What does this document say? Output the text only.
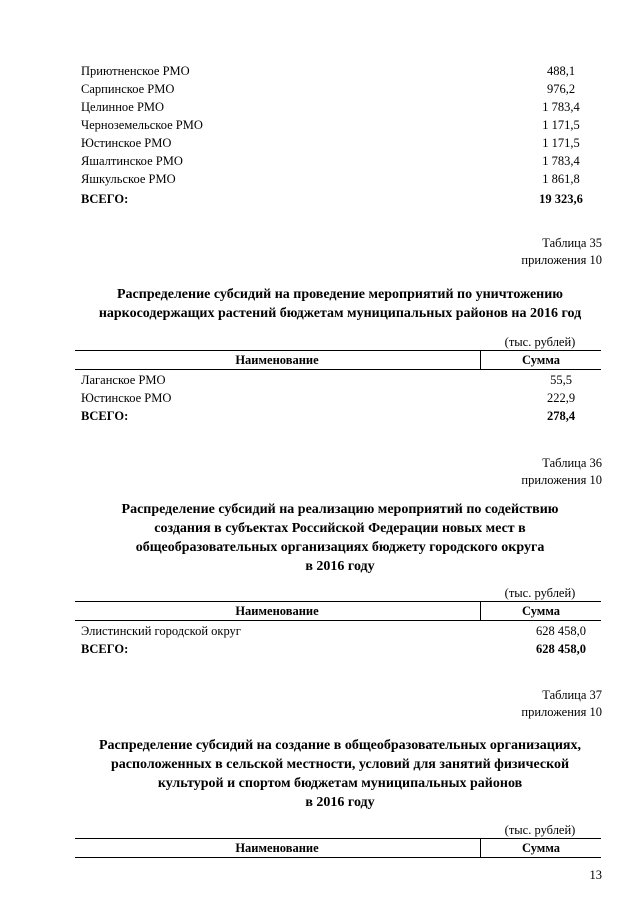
Приютненское РМО	488,1
Сарпинское РМО	976,2
Целинное РМО	1 783,4
Черноземельское РМО	1 171,5
Юстинское РМО	1 171,5
Яшалтинское РМО	1 783,4
Яшкульское РМО	1 861,8
ВСЕГО:	19 323,6
Таблица 35
приложения 10
Распределение субсидий на проведение мероприятий по уничтожению
наркосодержащих растений бюджетам муниципальных районов на 2016 год
(тыс. рублей)
Наименование	Сумма
Лаганское РМО	55,5
Юстинское РМО	222,9
ВСЕГО:	278,4
Таблица 36
приложения 10
Распределение субсидий на реализацию мероприятий по содействию
создания в субъектах Российской Федерации новых мест в
общеобразовательных организациях бюджету городского округа
в 2016 году
(тыс. рублей)
Наименование	Сумма
Элистинский городской округ	628 458,0
ВСЕГО:	628 458,0
Таблица 37
приложения 10
Распределение субсидий на создание в общеобразовательных организациях,
расположенных в сельской местности, условий для занятий физической
культурой и спортом бюджетам муниципальных районов
в 2016 году
(тыс. рублей)
Наименование	Сумма
13
